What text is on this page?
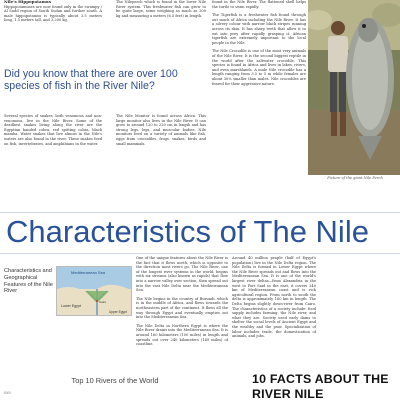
Nile's Hippopotamus
Hippopotamuses are now found only in the swampy / Al Sudd region of South Sudan and further south. A male hippopotamus is typically about 3.5 meters long, 1.5 meters tall, and 3,200 kg.

Did you know that there are over 100 species of fish in the River Nile?

Several species of snakes, both venomous and non- venomous, live in the Nile River. Some of the deadliest snakes living along the river are the Egyptian banded cobra, red spitting cobra, black mamba. Water snakes that live almost in the Nile's waters are also found in the river. These snakes feed on fish, invertebrates, and amphibians in the water.

The Nileperch which is found in the lower Nile River system. This freshwater fish can grow to be quite large, some weighing as much as 200 kg and measuring a meters (6.5 feet) in length.

The Nile Monitor is found across Africa. This large monitor also lives in the Nile River. It can grow to around 120 to 220 cm in length and has strong legs, legs, and muscular bodies. Nile monitors feed on a variety of animals like fish, eggs from crocodiles, frogs, snakes, birds and small mammals.

found in the Nile River. The flattened shell helps the turtle to swim rapidly.

The Tigerfish is a freshwater fish found through out much of Africa including the Nile River. It has a silvery colour with narrow black stripes running across its skin. It has sharp teeth that allow it to eat into prey after rapidly grasping it. African tigerfish are extremely important to the local people in the Nile.

The Nile Crocodile is one of the most very animals of the Nile River. It is the second biggest reptile in the world after the saltwater crocodile. This species is found in Africa and lives in lakes, rivers, and even marshlands. A male Nile crocodile has a length ranging from 3.5 to 5 m while females are about 30% smaller than males. Nile crocodiles are feared for their aggressive nature.

Picture of the giant Nile Perch
Characteristics of The Nile
Characteristics and Geographical Features of the Nile River
Mediterranean Sea
Lower Egypt
Upper Egypt
Cairo

One of the unique features about the Nile River is the fact that it flows north, which is opposite to the direction most rivers go. The Nile River, one of the longest river systems in the world, begins with six streams (also known as rapids) that flow into a narrow valley over section, then spread out into the vast Nile Delta near the Mediterranean Sea.

The Nile begins in the country of Burundi, which is in the middle of Africa, and flows towards the northeastern part of the continent. It flows all the way through Egypt and eventually empties out into the Mediterranean Sea.

The Nile Delta in Northern Egypt is where the Nile River drains into the Mediterranean Sea. It is around 160 kilometers (100 miles) in length and spreads out over 240 kilometers (149 miles) of coastline.

Around 40 million people (half of Egypt's population) live in the Nile Delta region. The Nile Delta is formed in Lower Egypt where the Nile River spreads out and flows into the Mediterranean Sea. It is one of the world's largest river deltas—from Alexandria in the west to Port Said in the east, it covers 240 km of Mediterranean coast and is rich agricultural region. From north to south the delta is approximately 160 km in length. The Delta begins slightly down-river from Cairo. The characteristics of a society include: food supply includes farming, the Nile river, and what they are. Society used early dams to shelter the social levels of Ancient Egypt and the wealthy and the poor. Specialization of labor includes trade, the domestication of animals, and jobs.

Top 10 Rivers of the World
8000
10 FACTS ABOUT THE RIVER NILE
